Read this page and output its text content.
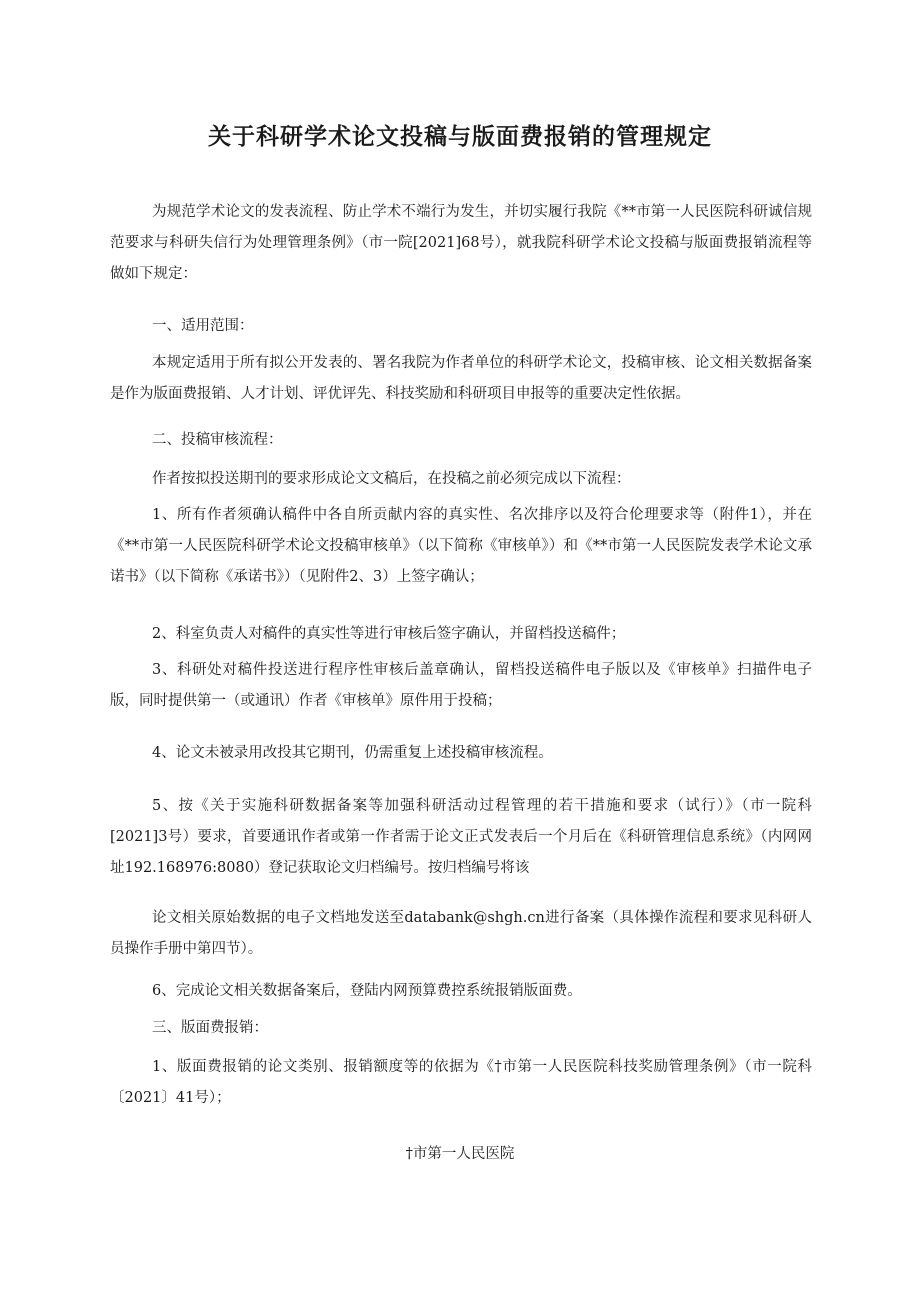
关于科研学术论文投稿与版面费报销的管理规定

为规范学术论文的发表流程、防止学术不端行为发生，并切实履行我院《**市第一人民医院科研诚信规范要求与科研失信行为处理管理条例》（市一院[2021]68号），就我院科研学术论文投稿与版面费报销流程等做如下规定：

一、适用范围：

本规定适用于所有拟公开发表的、署名我院为作者单位的科研学术论文，投稿审核、论文相关数据备案是作为版面费报销、人才计划、评优评先、科技奖励和科研项目申报等的重要决定性依据。

二、投稿审核流程：

作者按拟投送期刊的要求形成论文文稿后，在投稿之前必须完成以下流程：

1、所有作者须确认稿件中各自所贡献内容的真实性、名次排序以及符合伦理要求等（附件1），并在《**市第一人民医院科研学术论文投稿审核单》（以下简称《审核单》）和《**市第一人民医院发表学术论文承诺书》（以下简称《承诺书》）（见附件2、3）上签字确认；

2、科室负责人对稿件的真实性等进行审核后签字确认，并留档投送稿件；

3、科研处对稿件投送进行程序性审核后盖章确认，留档投送稿件电子版以及《审核单》扫描件电子版，同时提供第一（或通讯）作者《审核单》原件用于投稿；

4、论文未被录用改投其它期刊，仍需重复上述投稿审核流程。

5、按《关于实施科研数据备案等加强科研活动过程管理的若干措施和要求（试行）》（市一院科[2021]3号）要求，首要通讯作者或第一作者需于论文正式发表后一个月后在《科研管理信息系统》（内网网址192.168976:8080）登记获取论文归档编号。按归档编号将该

论文相关原始数据的电子文档地发送至databank@shgh.cn进行备案（具体操作流程和要求见科研人员操作手册中第四节）。

6、完成论文相关数据备案后，登陆内网预算费控系统报销版面费。

三、版面费报销：

1、版面费报销的论文类别、报销额度等的依据为《†市第一人民医院科技奖励管理条例》（市一院科〔2021〕41号）；

†市第一人民医院
